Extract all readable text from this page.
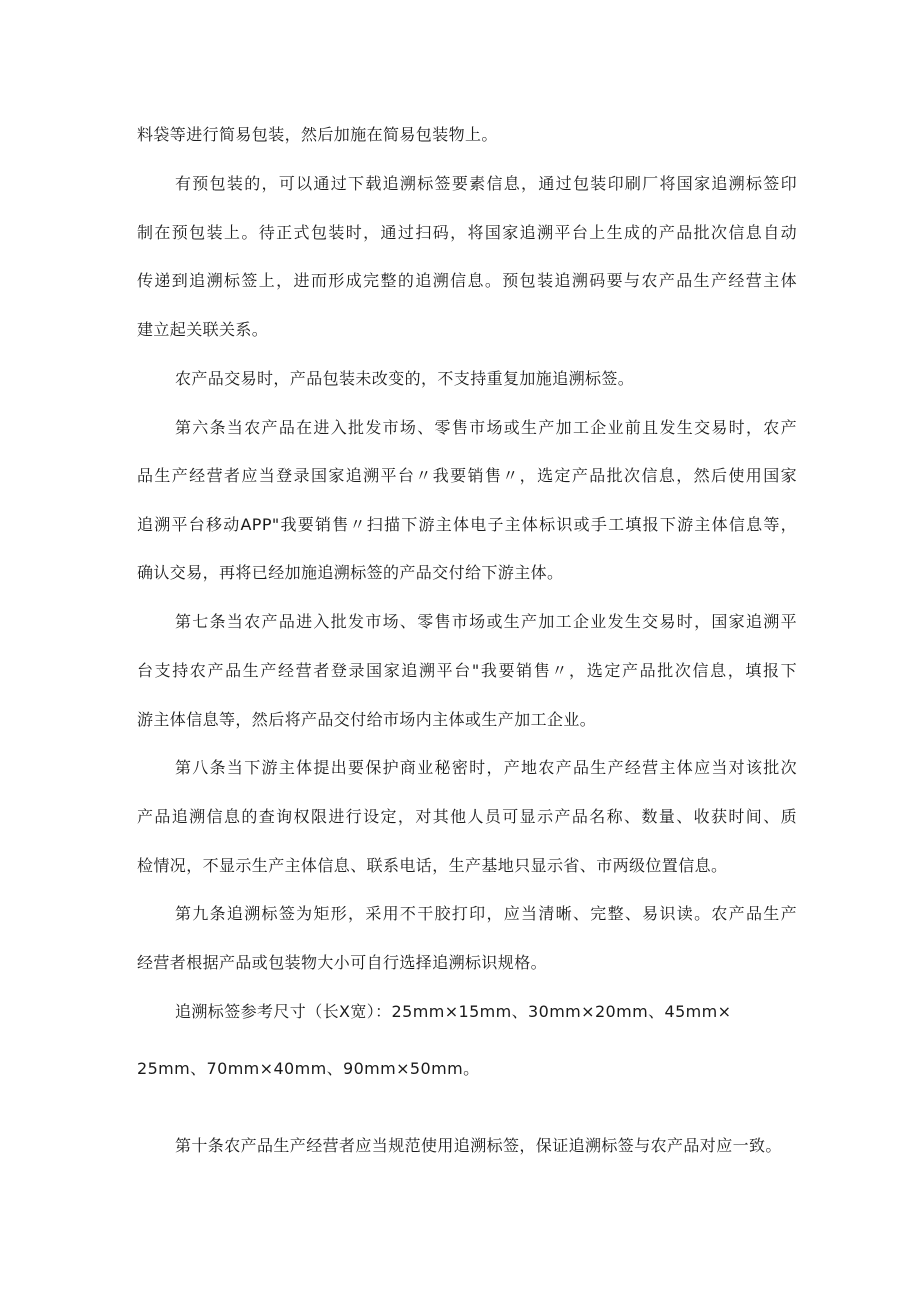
料袋等进行简易包装，然后加施在简易包装物上。
有预包装的，可以通过下载追溯标签要素信息，通过包装印刷厂将国家追溯标签印
制在预包装上。待正式包装时，通过扫码，将国家追溯平台上生成的产品批次信息自动
传递到追溯标签上，进而形成完整的追溯信息。预包装追溯码要与农产品生产经营主体
建立起关联关系。
农产品交易时，产品包装未改变的，不支持重复加施追溯标签。
第六条当农产品在进入批发市场、零售市场或生产加工企业前且发生交易时，农产
品生产经营者应当登录国家追溯平台〃我要销售〃，选定产品批次信息，然后使用国家
追溯平台移动APP"我要销售〃扫描下游主体电子主体标识或手工填报下游主体信息等，
确认交易，再将已经加施追溯标签的产品交付给下游主体。
第七条当农产品进入批发市场、零售市场或生产加工企业发生交易时，国家追溯平
台支持农产品生产经营者登录国家追溯平台"我要销售〃，选定产品批次信息，填报下
游主体信息等，然后将产品交付给市场内主体或生产加工企业。
第八条当下游主体提出要保护商业秘密时，产地农产品生产经营主体应当对该批次
产品追溯信息的查询权限进行设定，对其他人员可显示产品名称、数量、收获时间、质
检情况，不显示生产主体信息、联系电话，生产基地只显示省、市两级位置信息。
第九条追溯标签为矩形，采用不干胶打印，应当清晰、完整、易识读。农产品生产
经营者根据产品或包装物大小可自行选择追溯标识规格。
追溯标签参考尺寸（长X宽）：25mm×15mm、30mm×20mm、45mm×
25mm、70mm×40mm、90mm×50mm。
第十条农产品生产经营者应当规范使用追溯标签，保证追溯标签与农产品对应一致。
